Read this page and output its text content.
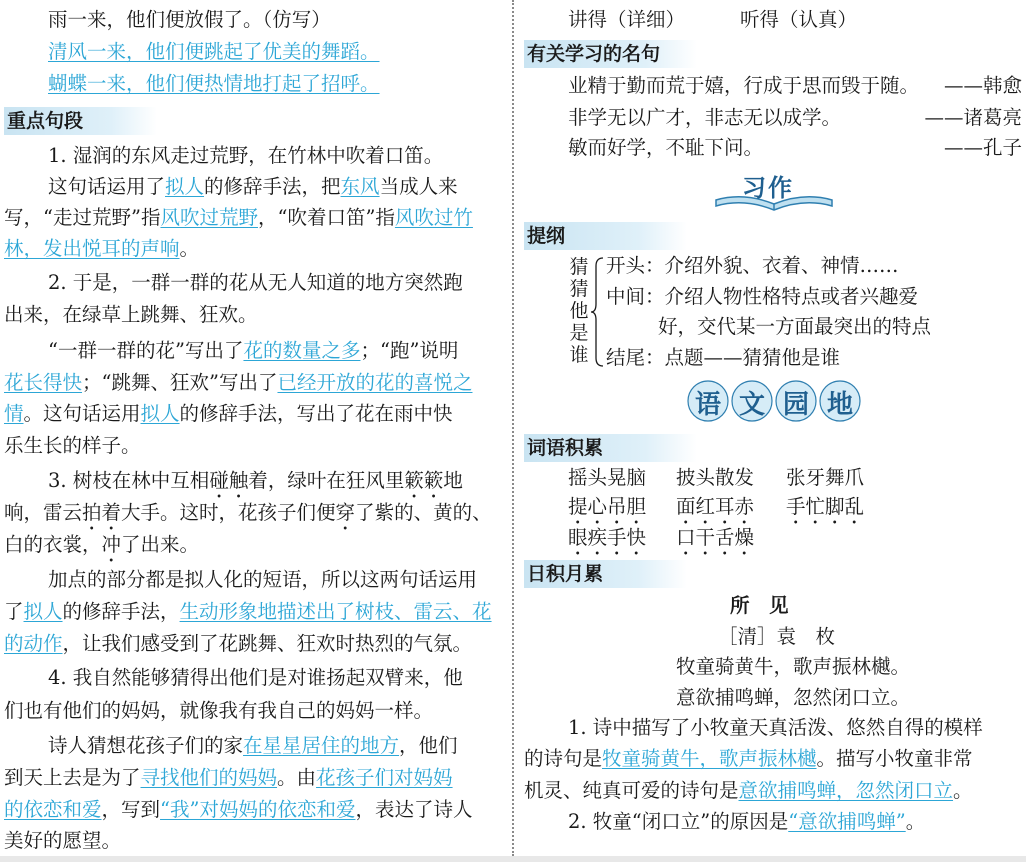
雨一来，他们便放假了。（仿写）
清风一来，他们便跳起了优美的舞蹈。
蝴蝶一来，他们便热情地打起了招呼。
重点句段
1. 湿润的东风走过荒野，在竹林中吹着口笛。
这句话运用了拟人的修辞手法，把东风当成人来
写，“走过荒野”指风吹过荒野，“吹着口笛”指风吹过竹
林，发出悦耳的声响。
2. 于是，一群一群的花从无人知道的地方突然跑
出来，在绿草上跳舞、狂欢。
“一群一群的花”写出了花的数量之多；“跑”说明
花长得快；“跳舞、狂欢”写出了已经开放的花的喜悦之
情。这句话运用拟人的修辞手法，写出了花在雨中快
乐生长的样子。
3. 树枝在林中互相碰触着，绿叶在狂风里簌簌地
响，雷云拍着大手。这时，花孩子们便穿了紫的、黄的、
白的衣裳，冲了出来。
加点的部分都是拟人化的短语，所以这两句话运用
了拟人的修辞手法，生动形象地描述出了树枝、雷云、花
的动作，让我们感受到了花跳舞、狂欢时热烈的气氛。
4. 我自然能够猜得出他们是对谁扬起双臂来，他
们也有他们的妈妈，就像我有我自己的妈妈一样。
诗人猜想花孩子们的家在星星居住的地方，他们
到天上去是为了寻找他们的妈妈。由花孩子们对妈妈
的依恋和爱，写到“我”对妈妈的依恋和爱，表达了诗人
美好的愿望。
讲得（详细）	听得（认真）
有关学习的名句
业精于勤而荒于嬉，行成于思而毁于随。 ——韩愈
非学无以广才，非志无以成学。	——诸葛亮
敏而好学，不耻下问。	——孔子
习作
提纲
猜
猜
他
是
谁
开头：介绍外貌、衣着、神情……
中间：介绍人物性格特点或者兴趣爱
好，交代某一方面最突出的特点
结尾：点题——猜猜他是谁
语文园地
词语积累
摇头晃脑 披头散发 张牙舞爪
提心吊胆 面红耳赤 手忙脚乱
眼疾手快 口干舌燥
日积月累
所　见
［清］袁　枚
牧童骑黄牛，歌声振林樾。
意欲捕鸣蝉，忽然闭口立。
1. 诗中描写了小牧童天真活泼、悠然自得的模样
的诗句是牧童骑黄牛，歌声振林樾。描写小牧童非常
机灵、纯真可爱的诗句是意欲捕鸣蝉，忽然闭口立。
2. 牧童“闭口立”的原因是“意欲捕鸣蝉”。
